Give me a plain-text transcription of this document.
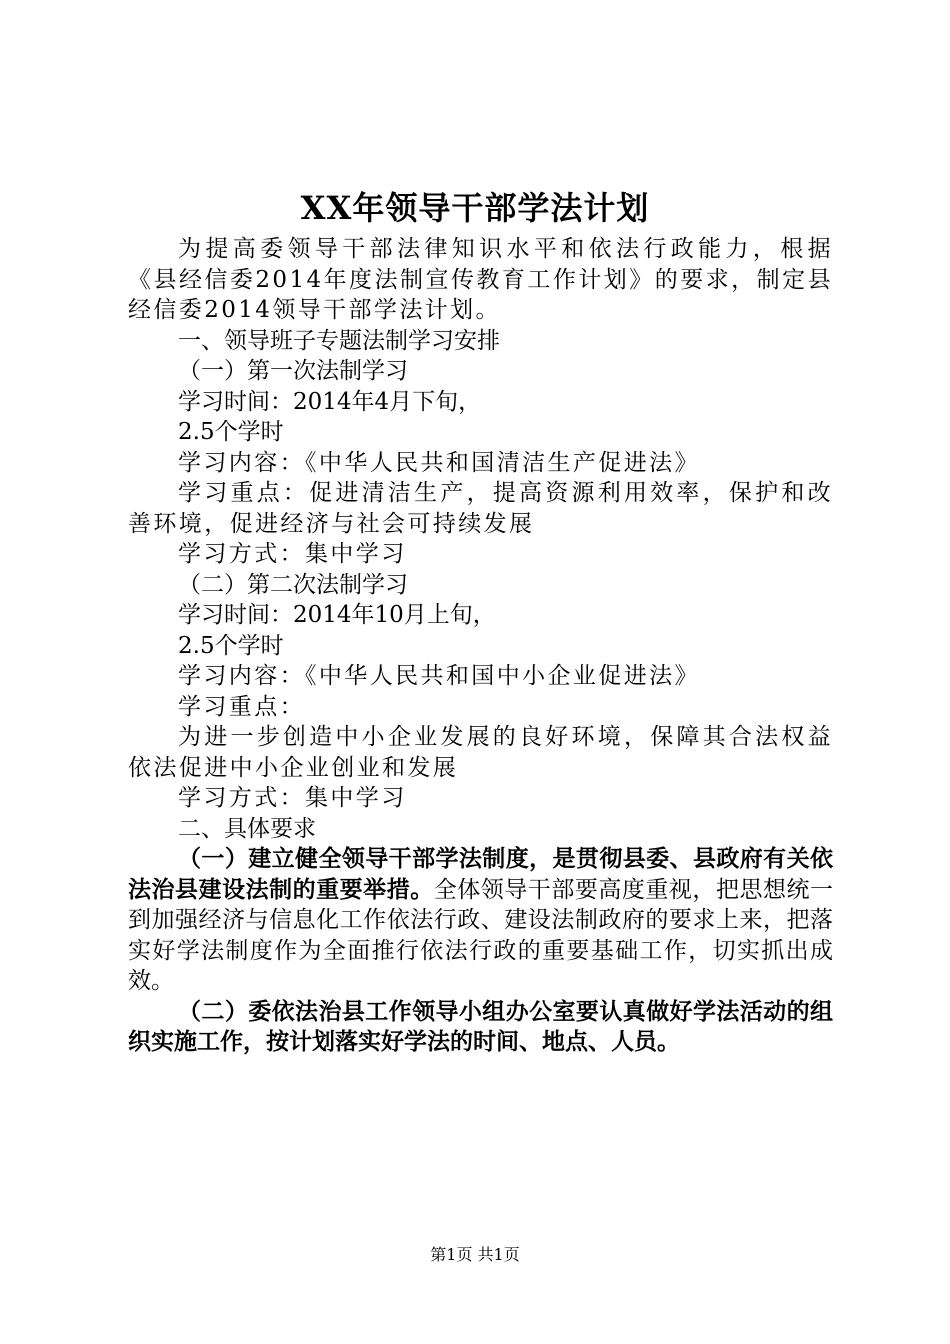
XX年领导干部学法计划

为提高委领导干部法律知识水平和依法行政能力，根据《县经信委2014年度法制宣传教育工作计划》的要求，制定县经信委2014领导干部学法计划。

一、领导班子专题法制学习安排

（一）第一次法制学习

学习时间：2014年4月下旬，

2.5个学时

学习内容：《中华人民共和国清洁生产促进法》

学习重点：促进清洁生产，提高资源利用效率，保护和改善环境，促进经济与社会可持续发展

学习方式：集中学习

（二）第二次法制学习

学习时间：2014年10月上旬，

2.5个学时

学习内容：《中华人民共和国中小企业促进法》

学习重点：

为进一步创造中小企业发展的良好环境，保障其合法权益依法促进中小企业创业和发展

学习方式：集中学习

二、具体要求

（一）建立健全领导干部学法制度，是贯彻县委、县政府有关依法治县建设法制的重要举措。全体领导干部要高度重视，把思想统一到加强经济与信息化工作依法行政、建设法制政府的要求上来，把落实好学法制度作为全面推行依法行政的重要基础工作，切实抓出成效。

（二）委依法治县工作领导小组办公室要认真做好学法活动的组织实施工作，按计划落实好学法的时间、地点、人员。

第1页 共1页
